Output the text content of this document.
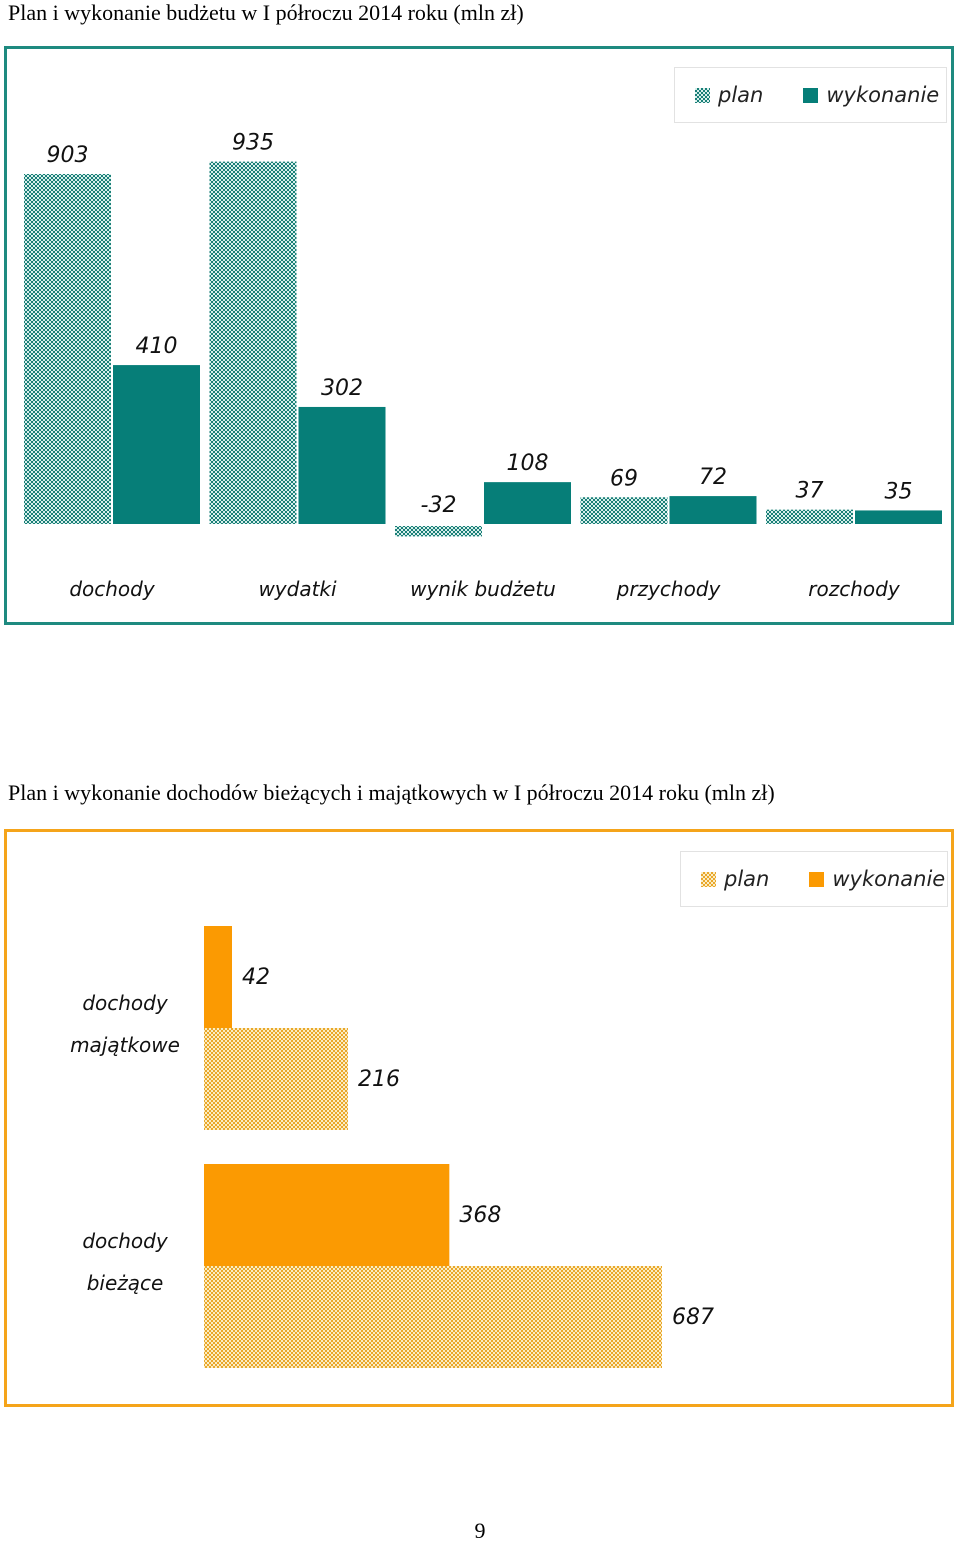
Plan i wykonanie budżetu w I półroczu 2014 roku (mln zł)
903
410
dochody
935
302
wydatki
-32
108
wynik budżetu
69	72
przychody
37	35
rozchody
plan	wykonanie
Plan i wykonanie dochodów bieżących i majątkowych w I półroczu 2014 roku (mln zł)
42
216
dochody
majątkowe
368
687
dochody
bieżące
plan	wykonanie
9
